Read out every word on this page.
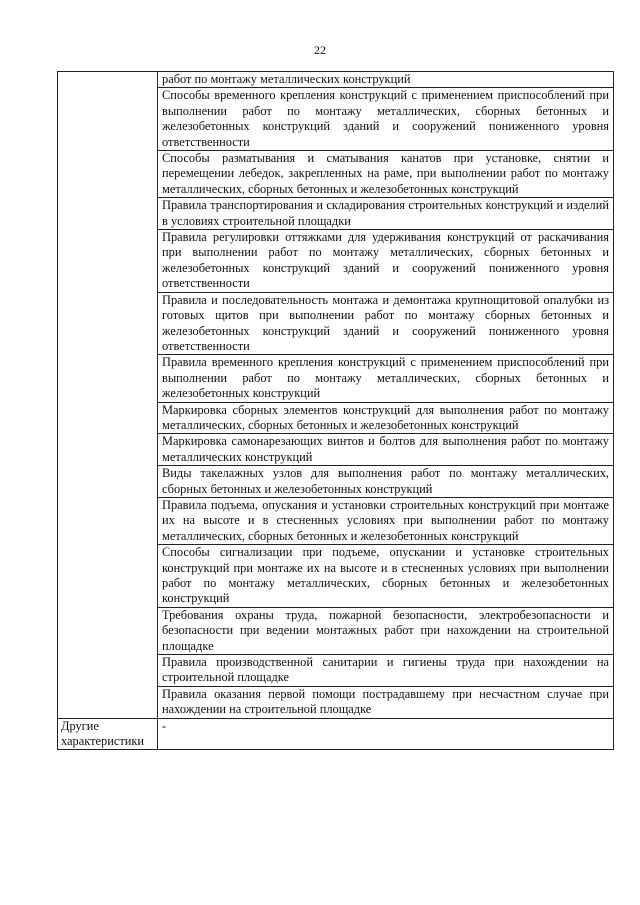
22
	работ по монтажу металлических конструкций
	Способы временного крепления конструкций с применением приспособлений при выполнении работ по монтажу металлических, сборных бетонных и железобетонных конструкций зданий и сооружений пониженного уровня ответственности
	Способы разматывания и сматывания канатов при установке, снятии и перемещении лебедок, закрепленных на раме, при выполнении работ по монтажу металлических, сборных бетонных и железобетонных конструкций
	Правила транспортирования и складирования строительных конструкций и изделий в условиях строительной площадки
	Правила регулировки оттяжками для удерживания конструкций от раскачивания при выполнении работ по монтажу металлических, сборных бетонных и железобетонных конструкций зданий и сооружений пониженного уровня ответственности
	Правила и последовательность монтажа и демонтажа крупнощитовой опалубки из готовых щитов при выполнении работ по монтажу сборных бетонных и железобетонных конструкций зданий и сооружений пониженного уровня ответственности
	Правила временного крепления конструкций с применением приспособлений при выполнении работ по монтажу металлических, сборных бетонных и железобетонных конструкций
	Маркировка сборных элементов конструкций для выполнения работ по монтажу металлических, сборных бетонных и железобетонных конструкций
	Маркировка самонарезающих винтов и болтов для выполнения работ по монтажу металлических конструкций
	Виды такелажных узлов для выполнения работ по монтажу металлических, сборных бетонных и железобетонных конструкций
	Правила подъема, опускания и установки строительных конструкций при монтаже их на высоте и в стесненных условиях при выполнении работ по монтажу металлических, сборных бетонных и железобетонных конструкций
	Способы сигнализации при подъеме, опускании и установке строительных конструкций при монтаже их на высоте и в стесненных условиях при выполнении работ по монтажу металлических, сборных бетонных и железобетонных конструкций
	Требования охраны труда, пожарной безопасности, электробезопасности и безопасности при ведении монтажных работ при нахождении на строительной площадке
	Правила производственной санитарии и гигиены труда при нахождении на строительной площадке
	Правила оказания первой помощи пострадавшему при несчастном случае при нахождении на строительной площадке
Другие характеристики	-
